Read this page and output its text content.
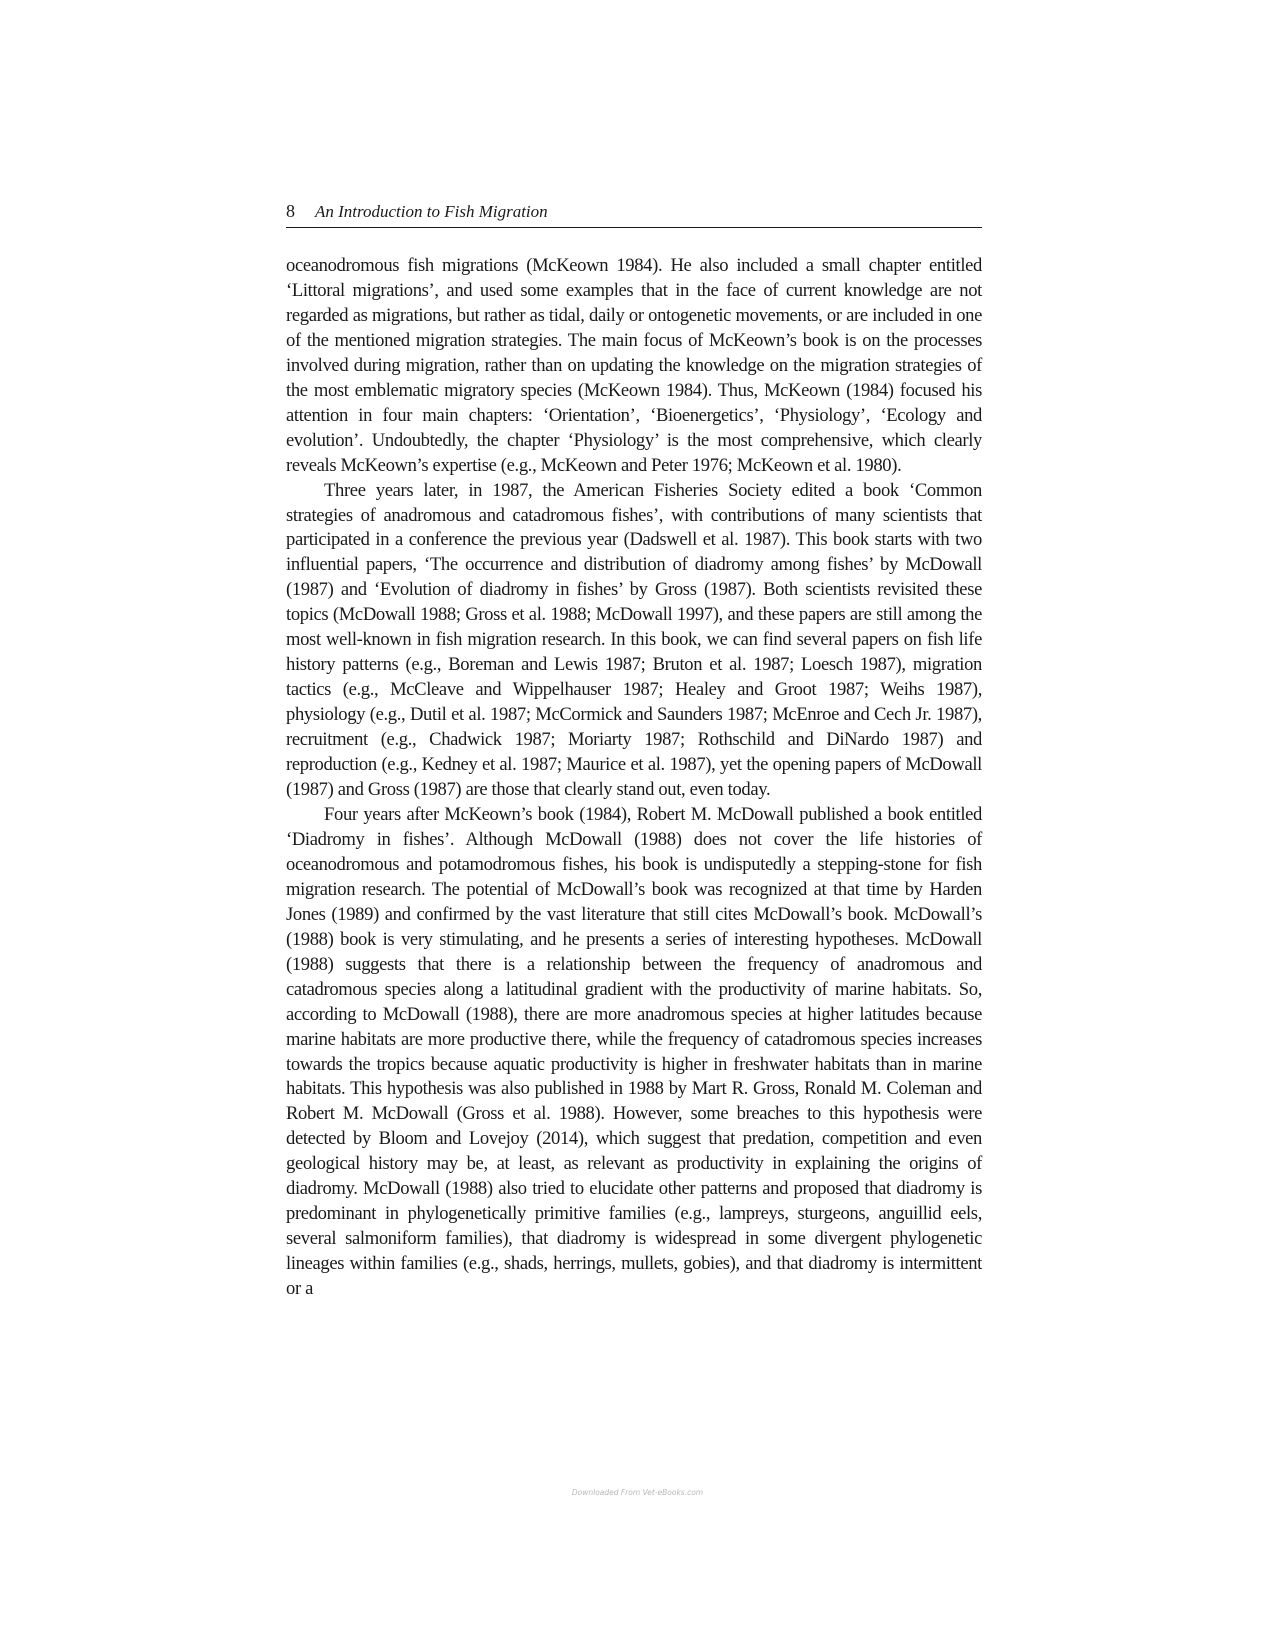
8 An Introduction to Fish Migration

oceanodromous fish migrations (McKeown 1984). He also included a small chapter entitled ‘Littoral migrations’, and used some examples that in the face of current knowledge are not regarded as migrations, but rather as tidal, daily or ontogenetic movements, or are included in one of the mentioned migration strategies. The main focus of McKeown’s book is on the processes involved during migration, rather than on updating the knowledge on the migration strategies of the most emblematic migratory species (McKeown 1984). Thus, McKeown (1984) focused his attention in four main chapters: ‘Orientation’, ‘Bioenergetics’, ‘Physiology’, ‘Ecology and evolution’. Undoubtedly, the chapter ‘Physiology’ is the most comprehensive, which clearly reveals McKeown’s expertise (e.g., McKeown and Peter 1976; McKeown et al. 1980).

Three years later, in 1987, the American Fisheries Society edited a book ‘Common strategies of anadromous and catadromous fishes’, with contributions of many scientists that participated in a conference the previous year (Dadswell et al. 1987). This book starts with two influential papers, ‘The occurrence and distribution of diadromy among fishes’ by McDowall (1987) and ‘Evolution of diadromy in fishes’ by Gross (1987). Both scientists revisited these topics (McDowall 1988; Gross et al. 1988; McDowall 1997), and these papers are still among the most well-known in fish migration research. In this book, we can find several papers on fish life history patterns (e.g., Boreman and Lewis 1987; Bruton et al. 1987; Loesch 1987), migration tactics (e.g., McCleave and Wippelhauser 1987; Healey and Groot 1987; Weihs 1987), physiology (e.g., Dutil et al. 1987; McCormick and Saunders 1987; McEnroe and Cech Jr. 1987), recruitment (e.g., Chadwick 1987; Moriarty 1987; Rothschild and DiNardo 1987) and reproduction (e.g., Kedney et al. 1987; Maurice et al. 1987), yet the opening papers of McDowall (1987) and Gross (1987) are those that clearly stand out, even today.

Four years after McKeown’s book (1984), Robert M. McDowall published a book entitled ‘Diadromy in fishes’. Although McDowall (1988) does not cover the life histories of oceanodromous and potamodromous fishes, his book is undisputedly a stepping-stone for fish migration research. The potential of McDowall’s book was recognized at that time by Harden Jones (1989) and confirmed by the vast literature that still cites McDowall’s book. McDowall’s (1988) book is very stimulating, and he presents a series of interesting hypotheses. McDowall (1988) suggests that there is a relationship between the frequency of anadromous and catadromous species along a latitudinal gradient with the productivity of marine habitats. So, according to McDowall (1988), there are more anadromous species at higher latitudes because marine habitats are more productive there, while the frequency of catadromous species increases towards the tropics because aquatic productivity is higher in freshwater habitats than in marine habitats. This hypothesis was also published in 1988 by Mart R. Gross, Ronald M. Coleman and Robert M. McDowall (Gross et al. 1988). However, some breaches to this hypothesis were detected by Bloom and Lovejoy (2014), which suggest that predation, competition and even geological history may be, at least, as relevant as productivity in explaining the origins of diadromy. McDowall (1988) also tried to elucidate other patterns and proposed that diadromy is predominant in phylogenetically primitive families (e.g., lampreys, sturgeons, anguillid eels, several salmoniform families), that diadromy is widespread in some divergent phylogenetic lineages within families (e.g., shads, herrings, mullets, gobies), and that diadromy is intermittent or a

Downloaded From Vet-eBooks.com
